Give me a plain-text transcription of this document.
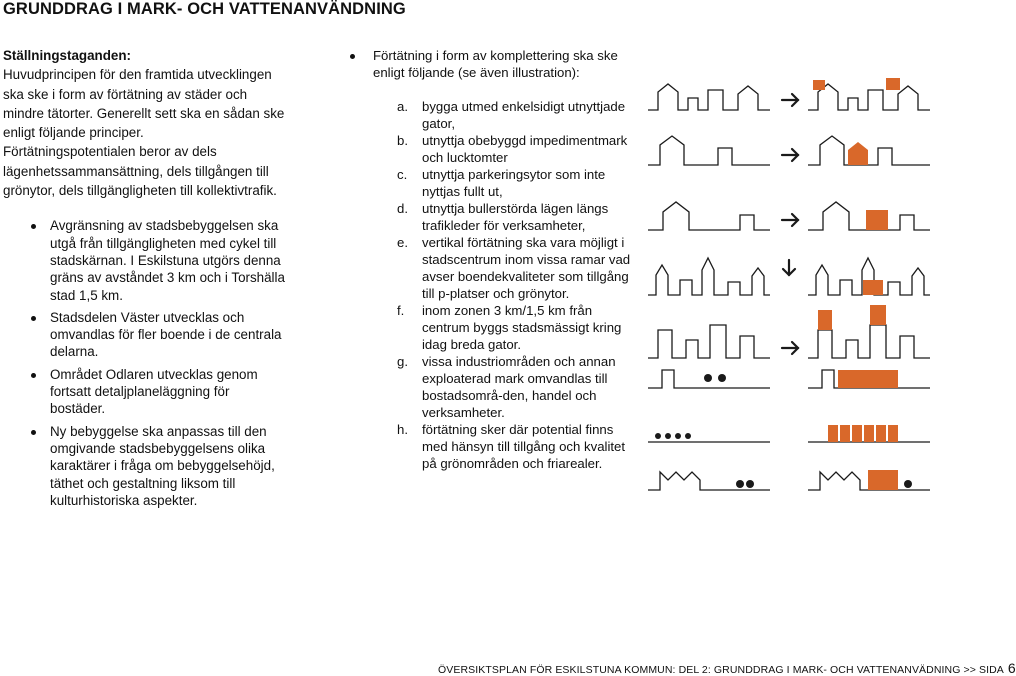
GRUNDDRAG I MARK- OCH VATTENANVÄNDNING

Ställningstaganden:

Huvudprincipen för den framtida utvecklingen ska ske i form av förtätning av städer och mindre tätorter. Generellt sett ska en sådan ske enligt följande principer.

Förtätningspotentialen beror av dels lägenhetssammansättning, dels tillgången till grönytor, dels tillgängligheten till kollektivtrafik.

Avgränsning av stadsbebyggelsen ska utgå från tillgängligheten med cykel till stadskärnan. I Eskilstuna utgörs denna gräns av avståndet 3 km och i Torshälla stad 1,5 km.
Stadsdelen Väster utvecklas och omvandlas för fler boende i de centrala delarna.
Området Odlaren utvecklas genom fortsatt detaljplaneläggning för bostäder.
Ny bebyggelse ska anpassas till den omgivande stadsbebyggelsens olika karaktärer i fråga om bebyggelsehöjd, täthet och gestaltning liksom till kulturhistoriska aspekter.
Förtätning i form av komplettering ska ske enligt följande (se även illustration):
a. bygga utmed enkelsidigt utnyttjade gator,
b. utnyttja obebyggd impedimentmark och lucktomter
c. utnyttja parkeringsytor som inte nyttjas fullt ut,
d. utnyttja bullerstörda lägen längs trafikleder för verksamheter,
e. vertikal förtätning ska vara möjligt i stadscentrum inom vissa ramar vad avser boendekvaliteter som tillgång till p-platser och grönytor.
f. inom zonen 3 km/1,5 km från centrum byggs stadsmässigt kring idag breda gator.
g. vissa industriområden och annan exploaterad mark omvandlas till bostadsområ-den, handel och verksamheter.
h. förtätning sker där potential finns med hänsyn till tillgång och kvalitet på grönområden och friarealer.
ÖVERSIKTSPLAN FÖR ESKILSTUNA KOMMUN: DEL 2: GRUNDDRAG I MARK- OCH VATTENANVÄDNING >> SIDA 6
